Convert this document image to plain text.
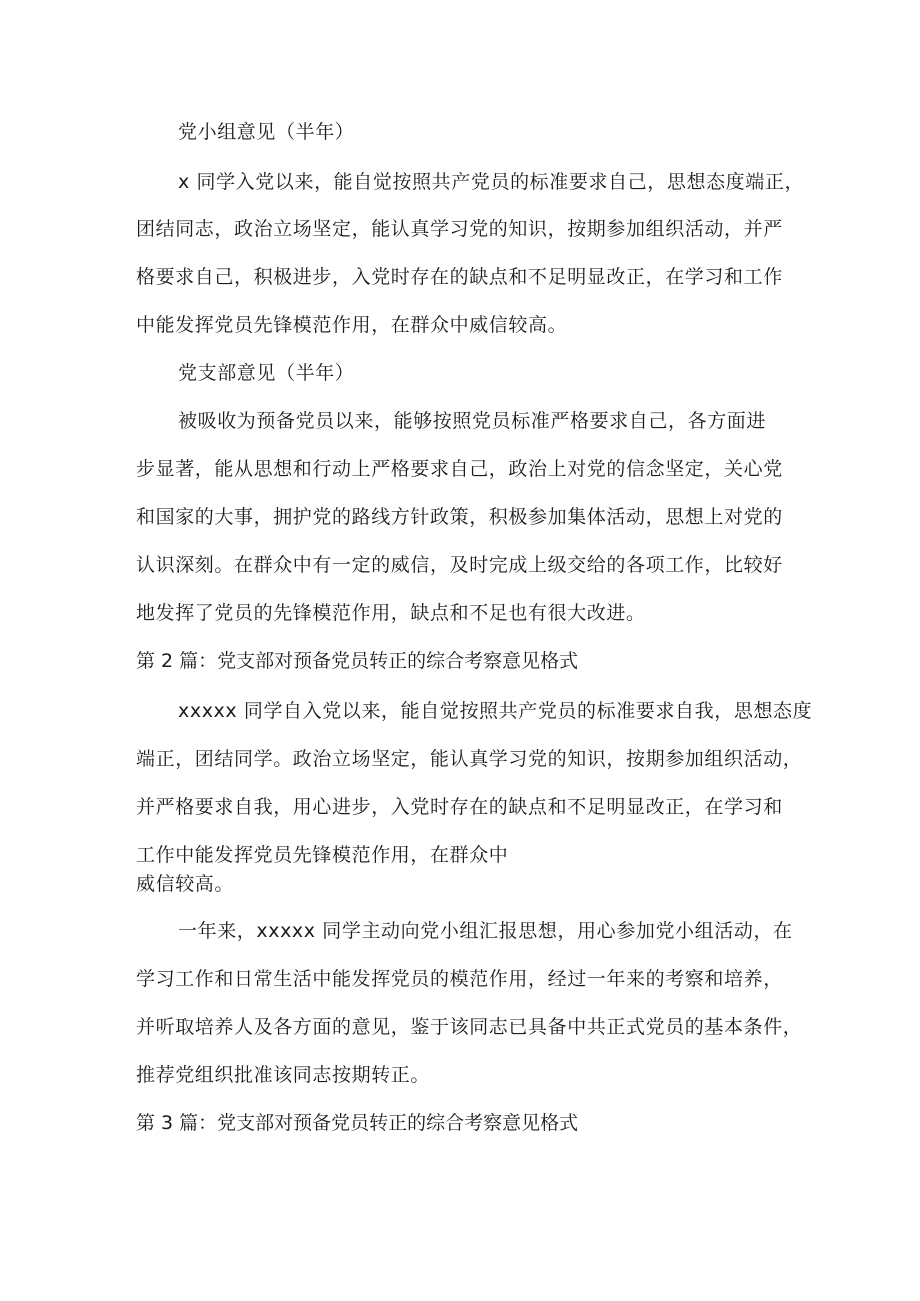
党小组意见（半年）
x 同学入党以来，能自觉按照共产党员的标准要求自己，思想态度端正，
团结同志，政治立场坚定，能认真学习党的知识，按期参加组织活动，并严
格要求自己，积极进步，入党时存在的缺点和不足明显改正，在学习和工作
中能发挥党员先锋模范作用，在群众中威信较高。
党支部意见（半年）
被吸收为预备党员以来，能够按照党员标准严格要求自己，各方面进
步显著，能从思想和行动上严格要求自己，政治上对党的信念坚定，关心党
和国家的大事，拥护党的路线方针政策，积极参加集体活动，思想上对党的
认识深刻。在群众中有一定的威信，及时完成上级交给的各项工作，比较好
地发挥了党员的先锋模范作用，缺点和不足也有很大改进。
第 2 篇：党支部对预备党员转正的综合考察意见格式
xxxxx 同学自入党以来，能自觉按照共产党员的标准要求自我，思想态度
端正，团结同学。政治立场坚定，能认真学习党的知识，按期参加组织活动，
并严格要求自我，用心进步，入党时存在的缺点和不足明显改正，在学习和
工作中能发挥党员先锋模范作用，在群众中
威信较高。
一年来，xxxxx 同学主动向党小组汇报思想，用心参加党小组活动，在
学习工作和日常生活中能发挥党员的模范作用，经过一年来的考察和培养，
并听取培养人及各方面的意见，鉴于该同志已具备中共正式党员的基本条件，
推荐党组织批准该同志按期转正。
第 3 篇：党支部对预备党员转正的综合考察意见格式
